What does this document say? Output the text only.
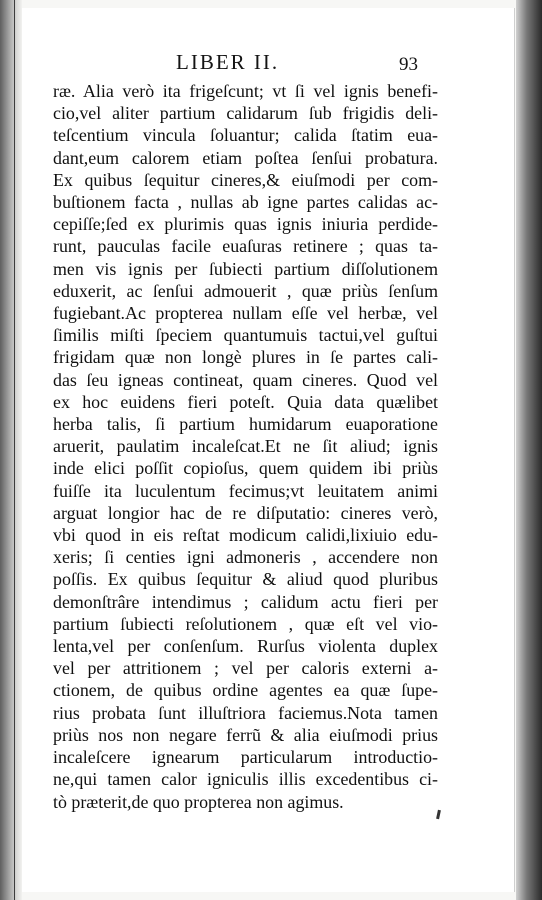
LIBER II.	93
ræ. Alia verò ita frigeſcunt; vt ſi vel ignis benefi-
cio,vel aliter partium calidarum ſub frigidis deli-
teſcentium vincula ſoluantur; calida ſtatim eua-
dant,eum calorem etiam poſtea ſenſui probatura.
Ex quibus ſequitur cineres,& eiuſmodi per com-
buſtionem facta , nullas ab igne partes calidas ac-
cepiſſe;ſed ex plurimis quas ignis iniuria perdide-
runt, pauculas facile euaſuras retinere ; quas ta-
men vis ignis per ſubiecti partium diſſolutionem
eduxerit, ac ſenſui admouerit , quæ priùs ſenſum
fugiebant.Ac propterea nullam eſſe vel herbæ, vel
ſimilis miſti ſpeciem quantumuis tactui,vel guſtui
frigidam quæ non longè plures in ſe partes cali-
das ſeu igneas contineat, quam cineres. Quod vel
ex hoc euidens fieri poteſt. Quia data quælibet
herba talis, ſi partium humidarum euaporatione
aruerit, paulatim incaleſcat.Et ne ſit aliud; ignis
inde elici poſſit copioſus, quem quidem ibi priùs
fuiſſe ita luculentum fecimus;vt leuitatem animi
arguat longior hac de re diſputatio: cineres verò,
vbi quod in eis reſtat modicum calidi,lixiuio edu-
xeris; ſi centies igni admoneris , accendere non
poſſis. Ex quibus ſequitur & aliud quod pluribus
demonſtrâre intendimus ; calidum actu fieri per
partium ſubiecti reſolutionem , quæ eſt vel vio-
lenta,vel per conſenſum. Rurſus violenta duplex
vel per attritionem ; vel per caloris externi a-
ctionem, de quibus ordine agentes ea quæ ſupe-
rius probata ſunt illuſtriora faciemus.Nota tamen
priùs nos non negare ferrũ & alia eiuſmodi prius
incaleſcere ignearum particularum introductio-
ne,qui tamen calor igniculis illis excedentibus ci-
tò præterit,de quo propterea non agimus.
